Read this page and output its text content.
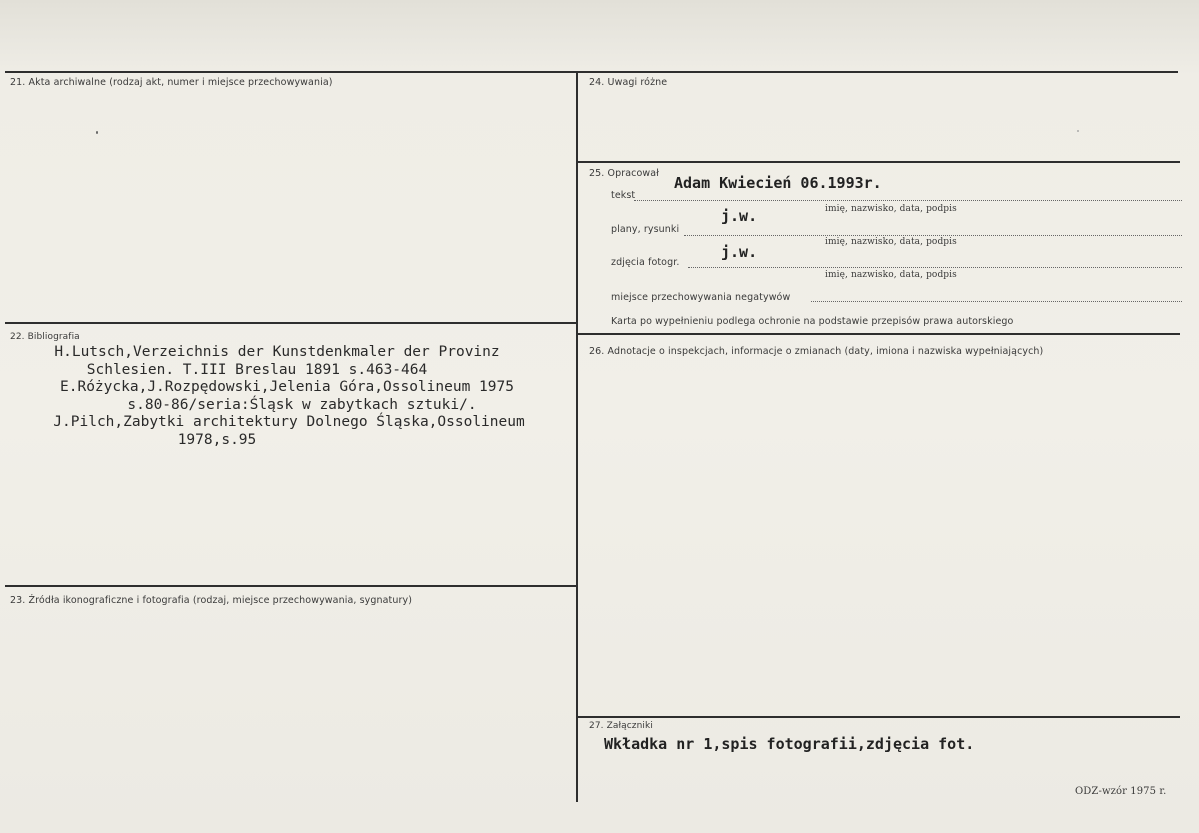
21. Akta archiwalne (rodzaj akt, numer i miejsce przechowywania)
22. Bibliografia
H.Lutsch,Verzeichnis der Kunstdenkmaler der Provinz
Schlesien. T.III Breslau 1891 s.463-464
E.Różycka,J.Rozpędowski,Jelenia Góra,Ossolineum 1975
s.80-86/seria:Śląsk w zabytkach sztuki/.
J.Pilch,Zabytki architektury Dolnego Śląska,Ossolineum
1978,s.95
23. Źródła ikonograficzne i fotografia (rodzaj, miejsce przechowywania, sygnatury)
24. Uwagi różne
25. Opracował
Adam Kwiecień 06.1993r.
tekst
imię, nazwisko, data, podpis
j.w.
plany, rysunki
imię, nazwisko, data, podpis
j.w.
zdjęcia fotogr.
imię, nazwisko, data, podpis
miejsce przechowywania negatywów
Karta po wypełnieniu podlega ochronie na podstawie przepisów prawa autorskiego
26. Adnotacje o inspekcjach, informacje o zmianach (daty, imiona i nazwiska wypełniających)
27. Załączniki
Wkładka nr 1,spis fotografii,zdjęcia fot.
ODZ-wzór 1975 r.
